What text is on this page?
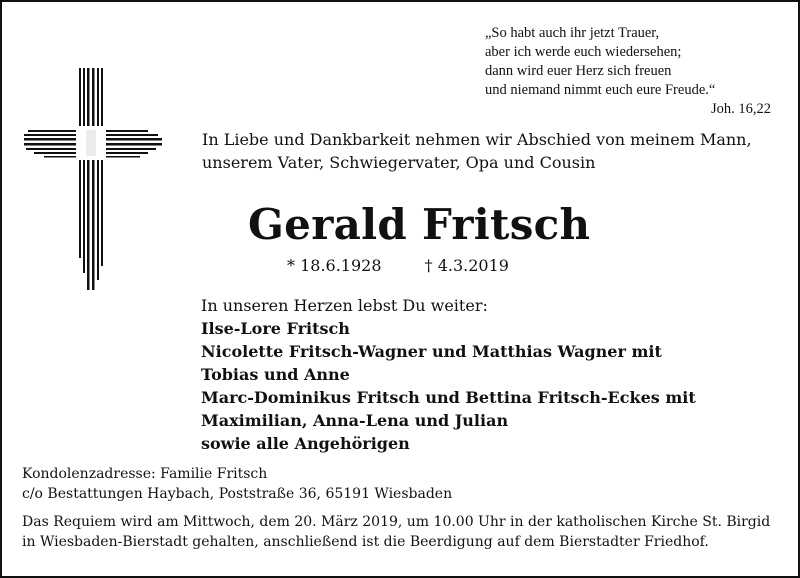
„So habt auch ihr jetzt Trauer,
aber ich werde euch wiedersehen;
dann wird euer Herz sich freuen
und niemand nimmt euch eure Freude.“
Joh. 16,22
In Liebe und Dankbarkeit nehmen wir Abschied von meinem Mann,
unserem Vater, Schwiegervater, Opa und Cousin
Gerald Fritsch
* 18.6.1928	† 4.3.2019
In unseren Herzen lebst Du weiter:
Ilse-Lore Fritsch
Nicolette Fritsch-Wagner und Matthias Wagner mit
Tobias und Anne
Marc-Dominikus Fritsch und Bettina Fritsch-Eckes mit
Maximilian, Anna-Lena und Julian
sowie alle Angehörigen
Kondolenzadresse: Familie Fritsch
c/o Bestattungen Haybach, Poststraße 36, 65191 Wiesbaden
Das Requiem wird am Mittwoch, dem 20. März 2019, um 10.00 Uhr in der katholischen Kirche St. Birgid
in Wiesbaden-Bierstadt gehalten, anschließend ist die Beerdigung auf dem Bierstadter Friedhof.
